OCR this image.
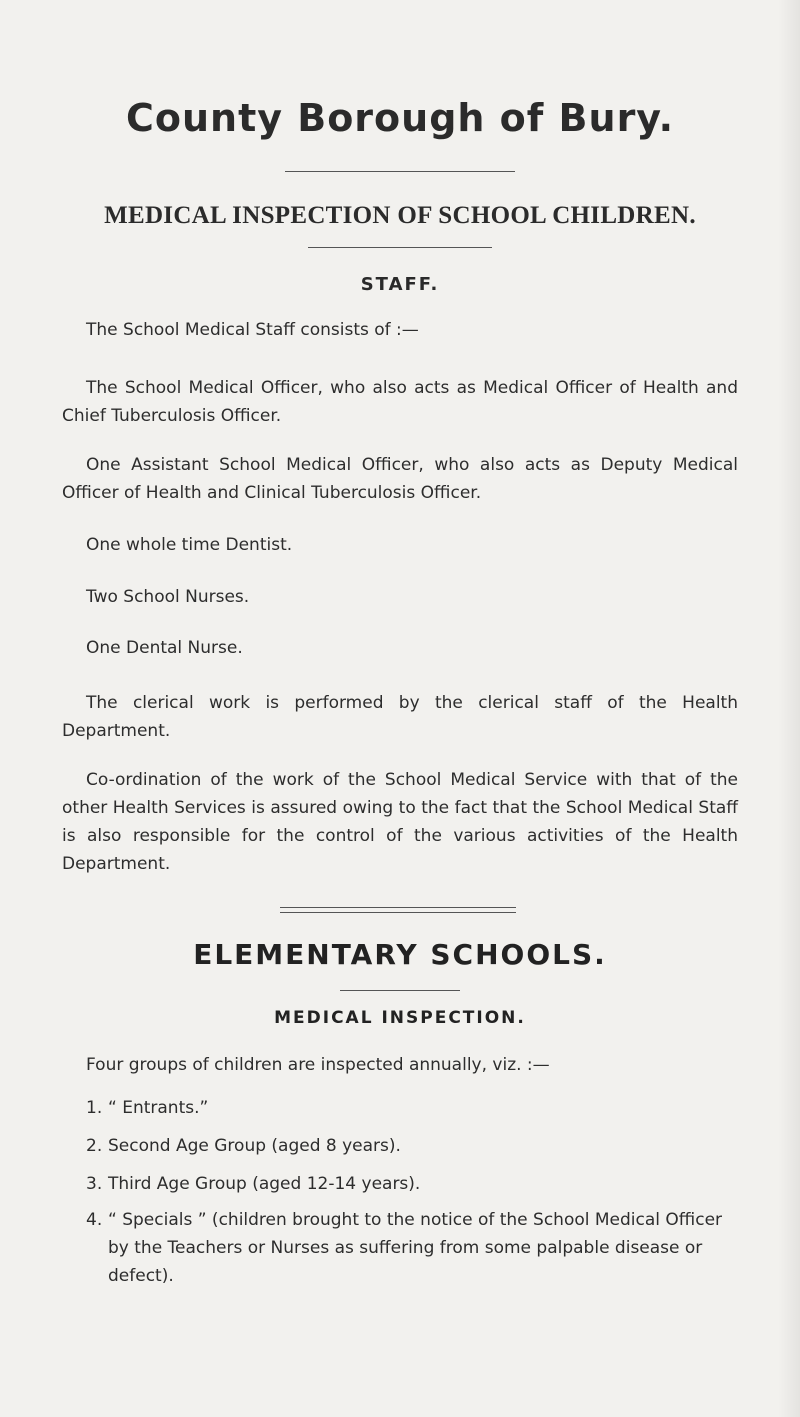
County Borough of Bury.
MEDICAL INSPECTION OF SCHOOL CHILDREN.
STAFF.
The School Medical Staff consists of :—

The School Medical Officer, who also acts as Medical Officer of Health and Chief Tuberculosis Officer.

One Assistant School Medical Officer, who also acts as Deputy Medical Officer of Health and Clinical Tuberculosis Officer.

One whole time Dentist.
Two School Nurses.
One Dental Nurse.

The clerical work is performed by the clerical staff of the Health Department.

Co-ordination of the work of the School Medical Service with that of the other Health Services is assured owing to the fact that the School Medical Staff is also responsible for the control of the various activities of the Health Department.

ELEMENTARY SCHOOLS.
MEDICAL INSPECTION.
Four groups of children are inspected annually, viz. :—
1. “ Entrants.”
2. Second Age Group (aged 8 years).
3. Third Age Group (aged 12-14 years).
4. “ Specials ” (children brought to the notice of the School Medical Officer by the Teachers or Nurses as suffering from some palpable disease or defect).
